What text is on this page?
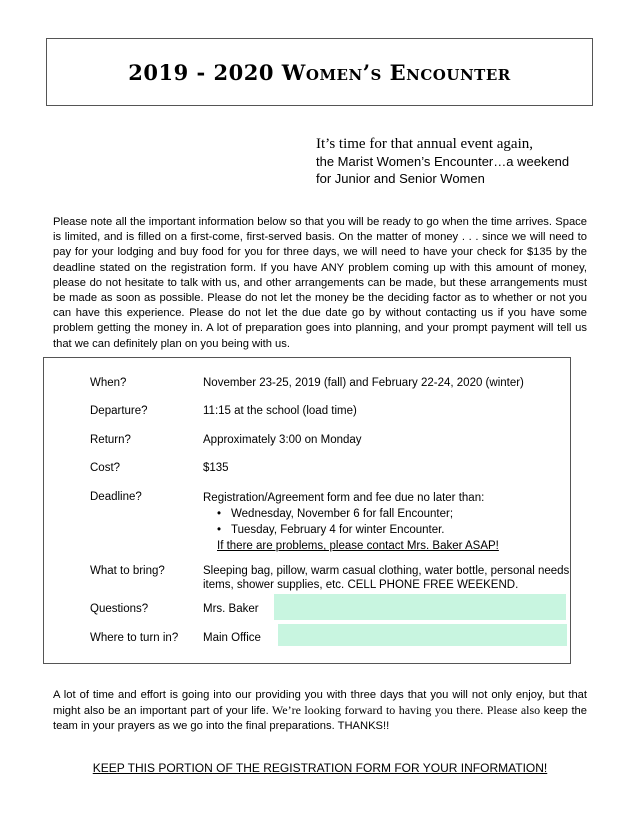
2019 - 2020 Women’s Encounter
It’s time for that annual event again,
the Marist Women’s Encounter…a weekend
for Junior and Senior Women
Please note all the important information below so that you will be ready to go when the time arrives. Space is limited, and is filled on a first-come, first-served basis. On the matter of money . . . since we will need to pay for your lodging and buy food for you for three days, we will need to have your check for $135 by the deadline stated on the registration form. If you have ANY problem coming up with this amount of money, please do not hesitate to talk with us, and other arrangements can be made, but these arrangements must be made as soon as possible. Please do not let the money be the deciding factor as to whether or not you can have this experience. Please do not let the due date go by without contacting us if you have some problem getting the money in. A lot of preparation goes into planning, and your prompt payment will tell us that we can definitely plan on you being with us.
When?	November 23-25, 2019 (fall) and February 22-24, 2020 (winter)
Departure?	11:15 at the school (load time)
Return?	Approximately 3:00 on Monday
Cost?	$135
Deadline?	Registration/Agreement form and fee due no later than:
• Wednesday, November 6 for fall Encounter;
• Tuesday, February 4 for winter Encounter.
If there are problems, please contact Mrs. Baker ASAP!
What to bring?	Sleeping bag, pillow, warm casual clothing, water bottle, personal needs items, shower supplies, etc. CELL PHONE FREE WEEKEND.
Questions?	Mrs. Baker
Where to turn in?	Main Office
A lot of time and effort is going into our providing you with three days that you will not only enjoy, but that might also be an important part of your life. We’re looking forward to having you there. Please also keep the team in your prayers as we go into the final preparations. THANKS!!
KEEP THIS PORTION OF THE REGISTRATION FORM FOR YOUR INFORMATION!
